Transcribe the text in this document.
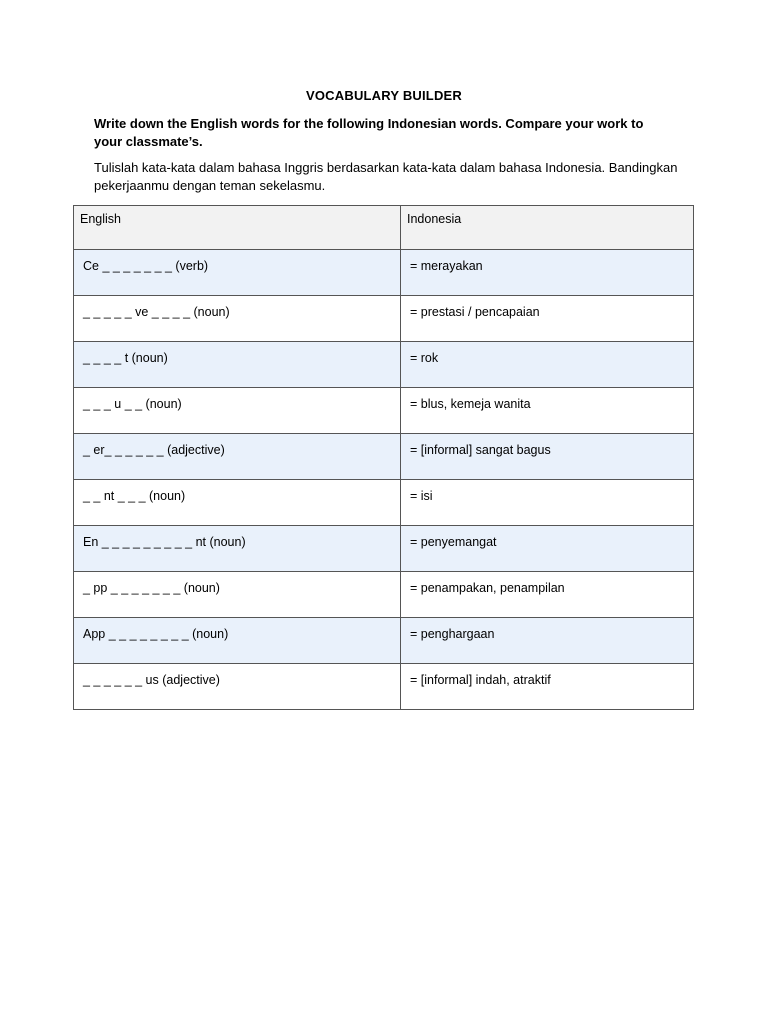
VOCABULARY BUILDER
Write down the English words for the following Indonesian words. Compare your work to your classmate’s.
Tulislah kata-kata dalam bahasa Inggris berdasarkan kata-kata dalam bahasa Indonesia. Bandingkan pekerjaanmu dengan teman sekelasmu.
English	Indonesia
Ce _ _ _ _ _ _ _ (verb)	= merayakan
_ _ _ _ _ ve _ _ _ _ (noun)	= prestasi / pencapaian
_ _ _ _ t (noun)	= rok
_ _ _ u _ _ (noun)	= blus, kemeja wanita
_ er_ _ _ _ _ _ (adjective)	= [informal] sangat bagus
_ _ nt _ _ _ (noun)	= isi
En _ _ _ _ _ _ _ _ _ nt (noun)	= penyemangat
_ pp _ _ _ _ _ _ _ (noun)	= penampakan, penampilan
App _ _ _ _ _ _ _ _ (noun)	= penghargaan
_ _ _ _ _ _ us (adjective)	= [informal] indah, atraktif
